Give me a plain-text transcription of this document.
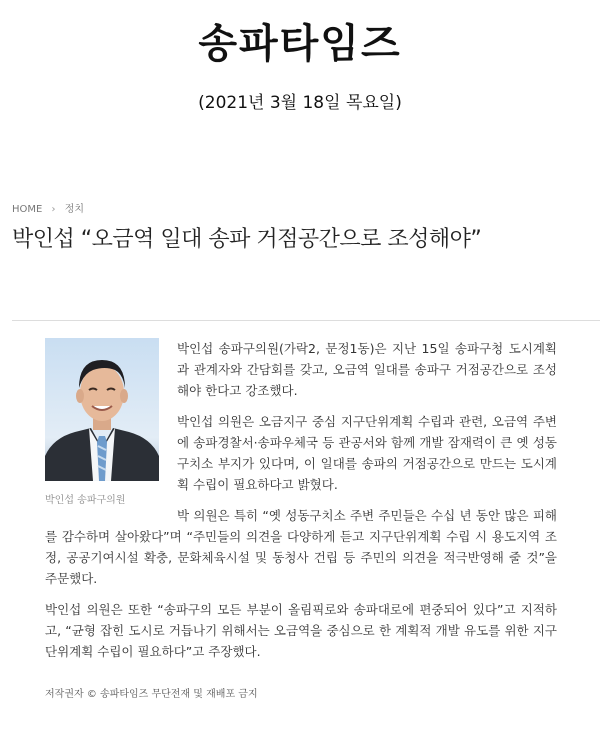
송파타임즈
(2021년 3월 18일 목요일)
HOME › 정치
박인섭 “오금역 일대 송파 거점공간으로 조성해야”

박인섭 송파구의원(가락2, 문정1동)은 지난 15일 송파구청 도시계획과 관계자와 간담회를 갖고, 오금역 일대를 송파구 거점공간으로 조성해야 한다고 강조했다.

박인섭 의원은 오금지구 중심 지구단위계획 수립과 관련, 오금역 주변에 송파경찰서·송파우체국 등 관공서와 함께 개발 잠재력이 큰 옛 성동구치소 부지가 있다며, 이 일대를 송파의 거점공간으로 만드는 도시계획 수립이 필요하다고 밝혔다.

박 의원은 특히 “옛 성동구치소 주변 주민들은 수십 년 동안 많은 피해를 감수하며 살아왔다”며 “주민들의 의견을 다양하게 듣고 지구단위계획 수립 시 용도지역 조정, 공공기여시설 확충, 문화체육시설 및 동청사 건립 등 주민의 의견을 적극반영해 줄 것”을 주문했다.

박인섭 의원은 또한 “송파구의 모든 부분이 올림픽로와 송파대로에 편중되어 있다”고 지적하고, “균형 잡힌 도시로 거듭나기 위해서는 오금역을 중심으로 한 계획적 개발 유도를 위한 지구단위계획 수립이 필요하다”고 주장했다.

박인섭 송파구의원
저작권자 © 송파타임즈 무단전재 및 재배포 금지
